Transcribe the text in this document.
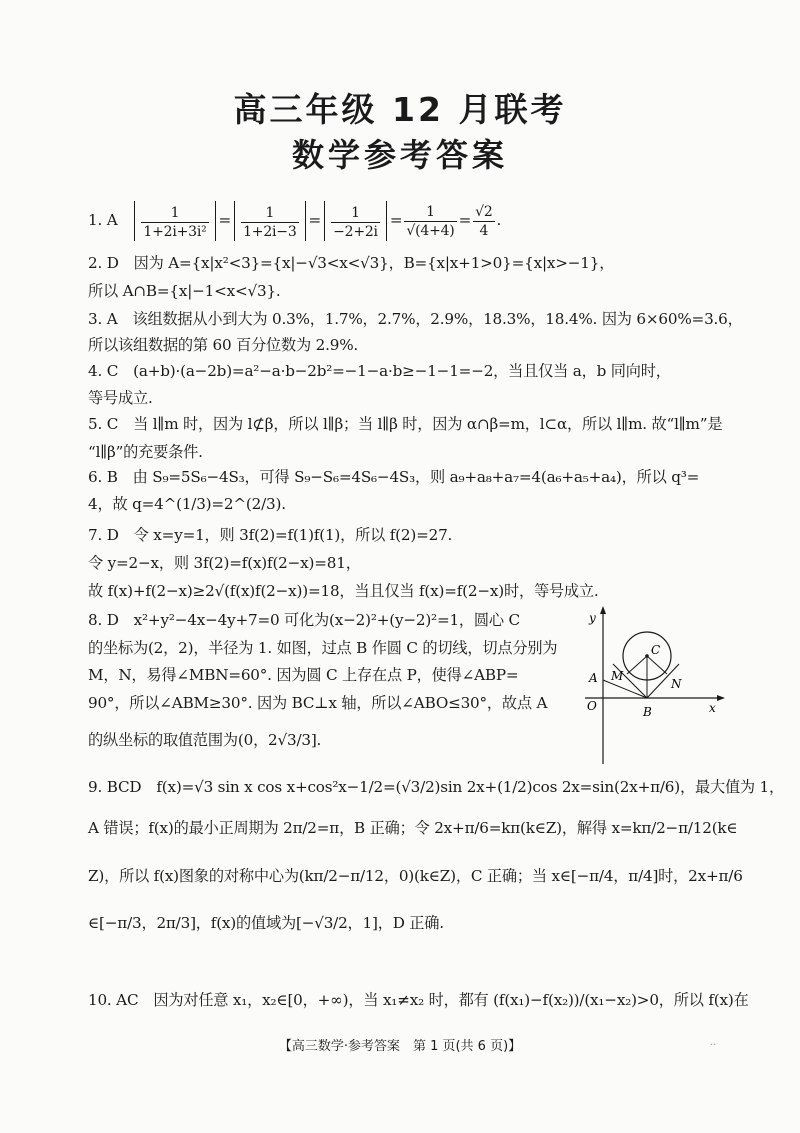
高三年级 12 月联考
数学参考答案
1. A $\frac{1}{\text{1+2i+3i²}} = \frac{1}{1+2i-3} = \frac{1}{-2+2i} = \frac{1}{√(4+4)} = \frac{√2}{4}$ .
2. D　因为 A={x|x²<3}={x|−√3<x<√3}，B={x|x+1>0}={x|x>−1}，
所以 A∩B={x|−1<x<√3}.
3. A　该组数据从小到大为 0.3%，1.7%，2.7%，2.9%，18.3%，18.4%. 因为 6×60%=3.6，
所以该组数据的第 60 百分位数为 2.9%.
4. C　(a+b)·(a−2b)=a²−a·b−2b²=−1−a·b≥−1−1=−2，当且仅当 a，b 同向时，
等号成立.
5. C　当 l∥m 时，因为 l⊄β，所以 l∥β；当 l∥β 时，因为 α∩β=m，l⊂α，所以 l∥m. 故“l∥m”是
“l∥β”的充要条件.
6. B　由 S₉=5S₆−4S₃，可得 S₉−S₆=4S₆−4S₃，则 a₉+a₈+a₇=4(a₆+a₅+a₄)，所以 q³=
4，故 q=4^(1/3)=2^(2/3).
7. D　令 x=y=1，则 3f(2)=f(1)f(1)，所以 f(2)=27.
令 y=2−x，则 3f(2)=f(x)f(2−x)=81，
故 f(x)+f(2−x)≥2√(f(x)f(2−x))=18，当且仅当 f(x)=f(2−x)时，等号成立.
8. D　x²+y²−4x−4y+7=0 可化为(x−2)²+(y−2)²=1，圆心 C
的坐标为(2，2)，半径为 1. 如图，过点 B 作圆 C 的切线，切点分别为
M，N，易得∠MBN=60°. 因为圆 C 上存在点 P，使得∠ABP=
90°，所以∠ABM≥30°. 因为 BC⊥x 轴，所以∠ABO≤30°，故点 A
的纵坐标的取值范围为(0，2√3/3].
y
x
O
A
B
C
M
N
9. BCD　f(x)=√3 sin x cos x+cos²x−1/2=(√3/2)sin 2x+(1/2)cos 2x=sin(2x+π/6)，最大值为 1，
A 错误；f(x)的最小正周期为 2π/2=π，B 正确；令 2x+π/6=kπ(k∈Z)，解得 x=kπ/2−π/12(k∈
Z)，所以 f(x)图象的对称中心为(kπ/2−π/12，0)(k∈Z)，C 正确；当 x∈[−π/4，π/4]时，2x+π/6
∈[−π/3，2π/3]，f(x)的值域为[−√3/2，1]，D 正确.
10. AC　因为对任意 x₁，x₂∈[0，+∞)，当 x₁≠x₂ 时，都有 (f(x₁)−f(x₂))/(x₁−x₂)>0，所以 f(x)在
【高三数学·参考答案　第 1 页(共 6 页)】	..
